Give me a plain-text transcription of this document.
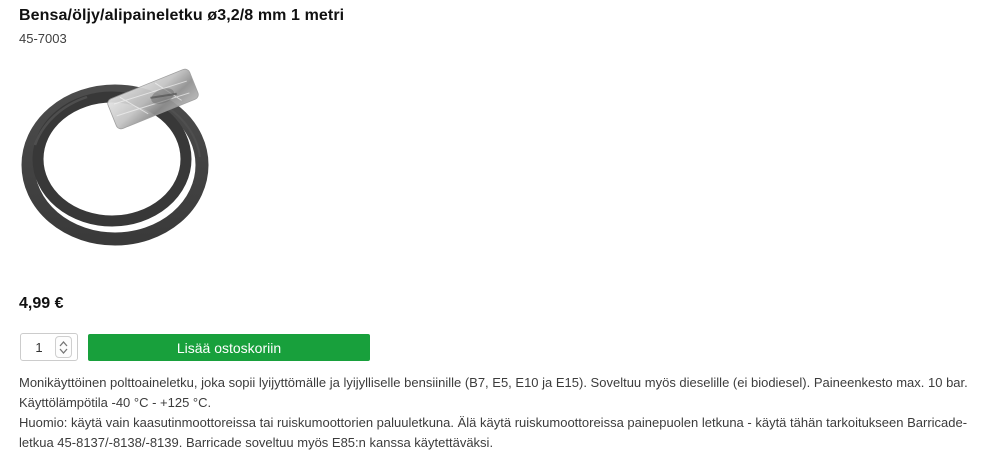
Bensa/öljy/alipaineletku ø3,2/8 mm 1 metri
45-7003
4,99 €
1
Lisää ostoskoriin
Monikäyttöinen polttoaineletku, joka sopii lyijyttömälle ja lyijylliselle bensiinille (B7, E5, E10 ja E15). Soveltuu myös dieselille (ei biodiesel). Paineenkesto max. 10 bar. Käyttölämpötila -40 °C - +125 °C.
Huomio: käytä vain kaasutinmoottoreissa tai ruiskumoottorien paluuletkuna. Älä käytä ruiskumoottoreissa painepuolen letkuna - käytä tähän tarkoitukseen Barricade-letkua 45-8137/-8138/-8139. Barricade soveltuu myös E85:n kanssa käytettäväksi.
